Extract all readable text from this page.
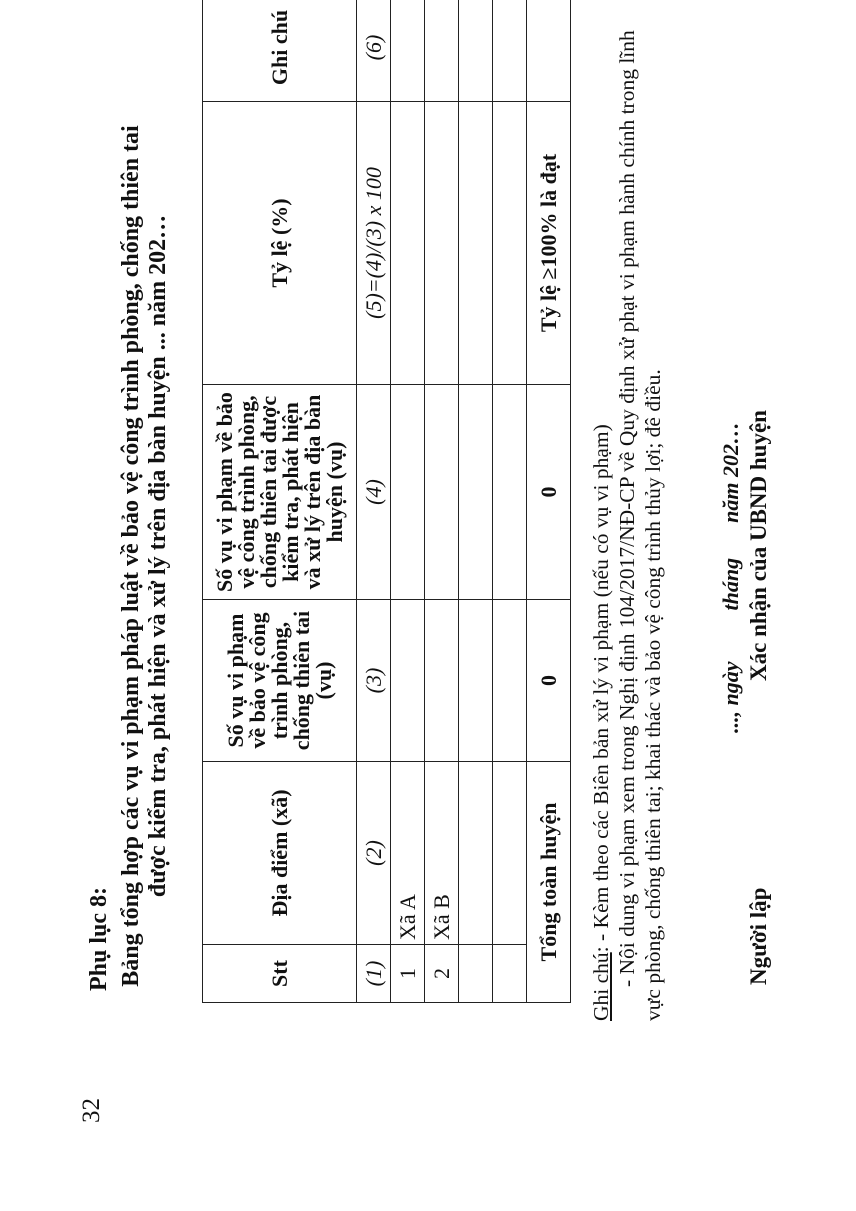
32
Phụ lục 8: Bảng tổng hợp các vụ vi phạm pháp luật về bảo vệ công trình phòng, chống thiên tai được kiểm tra, phát hiện và xử lý trên địa bàn huyện ... năm 202…
Stt	Địa điểm (xã)	Số vụ vi phạm về bảo vệ công trình phòng, chống thiên tai (vụ)	Số vụ vi phạm về bảo vệ công trình phòng, chống thiên tai được kiểm tra, phát hiện và xử lý trên địa bàn huyện (vụ)	Tỷ lệ (%)	Ghi chú
(1)	(2)	(3)	(4)	(5)=(4)/(3) x 100	(6)
1	Xã A				
2	Xã B				

Tổng toàn huyện		0	0	Tỷ lệ ≥100% là đạt	

Ghi chú: - Kèm theo các Biên bản xử lý vi phạm (nếu có vụ vi phạm) - Nội dung vi phạm xem trong Nghị định 104/2017/NĐ-CP về Quy định xử phạt vi phạm hành chính trong lĩnh vực phòng, chống thiên tai; khai thác và bảo vệ công trình thủy lợi; đê điều. ..., ngày  tháng  năm 202…
Người lập
Xác nhận của UBND huyện
